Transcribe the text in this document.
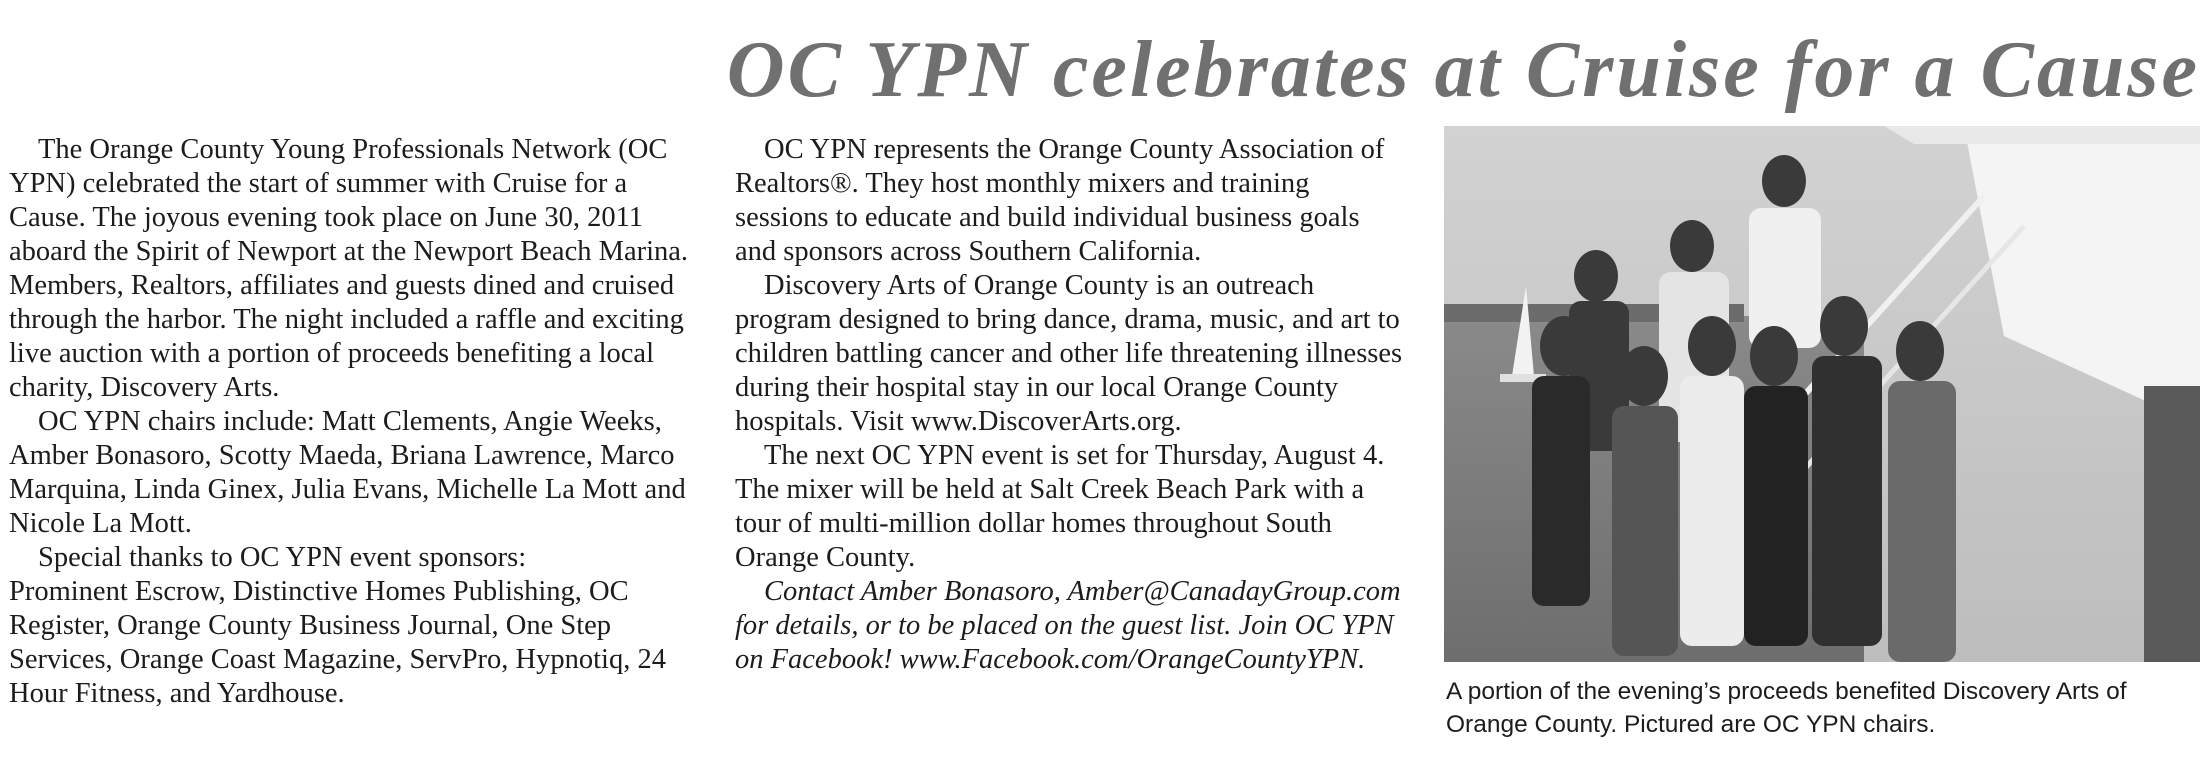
OC YPN celebrates at Cruise for a Cause

The Orange County Young Professionals Network (OC YPN) celebrated the start of summer with Cruise for a Cause. The joyous evening took place on June 30, 2011 aboard the Spirit of Newport at the Newport Beach Marina. Members, Realtors, affiliates and guests dined and cruised through the harbor. The night included a raffle and exciting live auction with a portion of proceeds benefiting a local charity, Discovery Arts.

OC YPN chairs include: Matt Clements, Angie Weeks, Amber Bonasoro, Scotty Maeda, Briana Lawrence, Marco Marquina, Linda Ginex, Julia Evans, Michelle La Mott and Nicole La Mott.

Special thanks to OC YPN event sponsors:

Prominent Escrow, Distinctive Homes Publishing, OC Register, Orange County Business Journal, One Step Services, Orange Coast Magazine, ServPro, Hypnotiq, 24 Hour Fitness, and Yardhouse.

OC YPN represents the Orange County Association of Realtors®. They host monthly mixers and training sessions to educate and build individual business goals and sponsors across Southern California.

Discovery Arts of Orange County is an outreach program designed to bring dance, drama, music, and art to children battling cancer and other life threatening illnesses during their hospital stay in our local Orange County hospitals. Visit www.DiscoverArts.org.

The next OC YPN event is set for Thursday, August 4. The mixer will be held at Salt Creek Beach Park with a tour of multi-million dollar homes throughout South Orange County.

Contact Amber Bonasoro, Amber@CanadayGroup.com for details, or to be placed on the guest list. Join OC YPN on Facebook! www.Facebook.com/OrangeCountyYPN.

A portion of the evening’s proceeds benefited Discovery Arts of Orange County. Pictured are OC YPN chairs.
